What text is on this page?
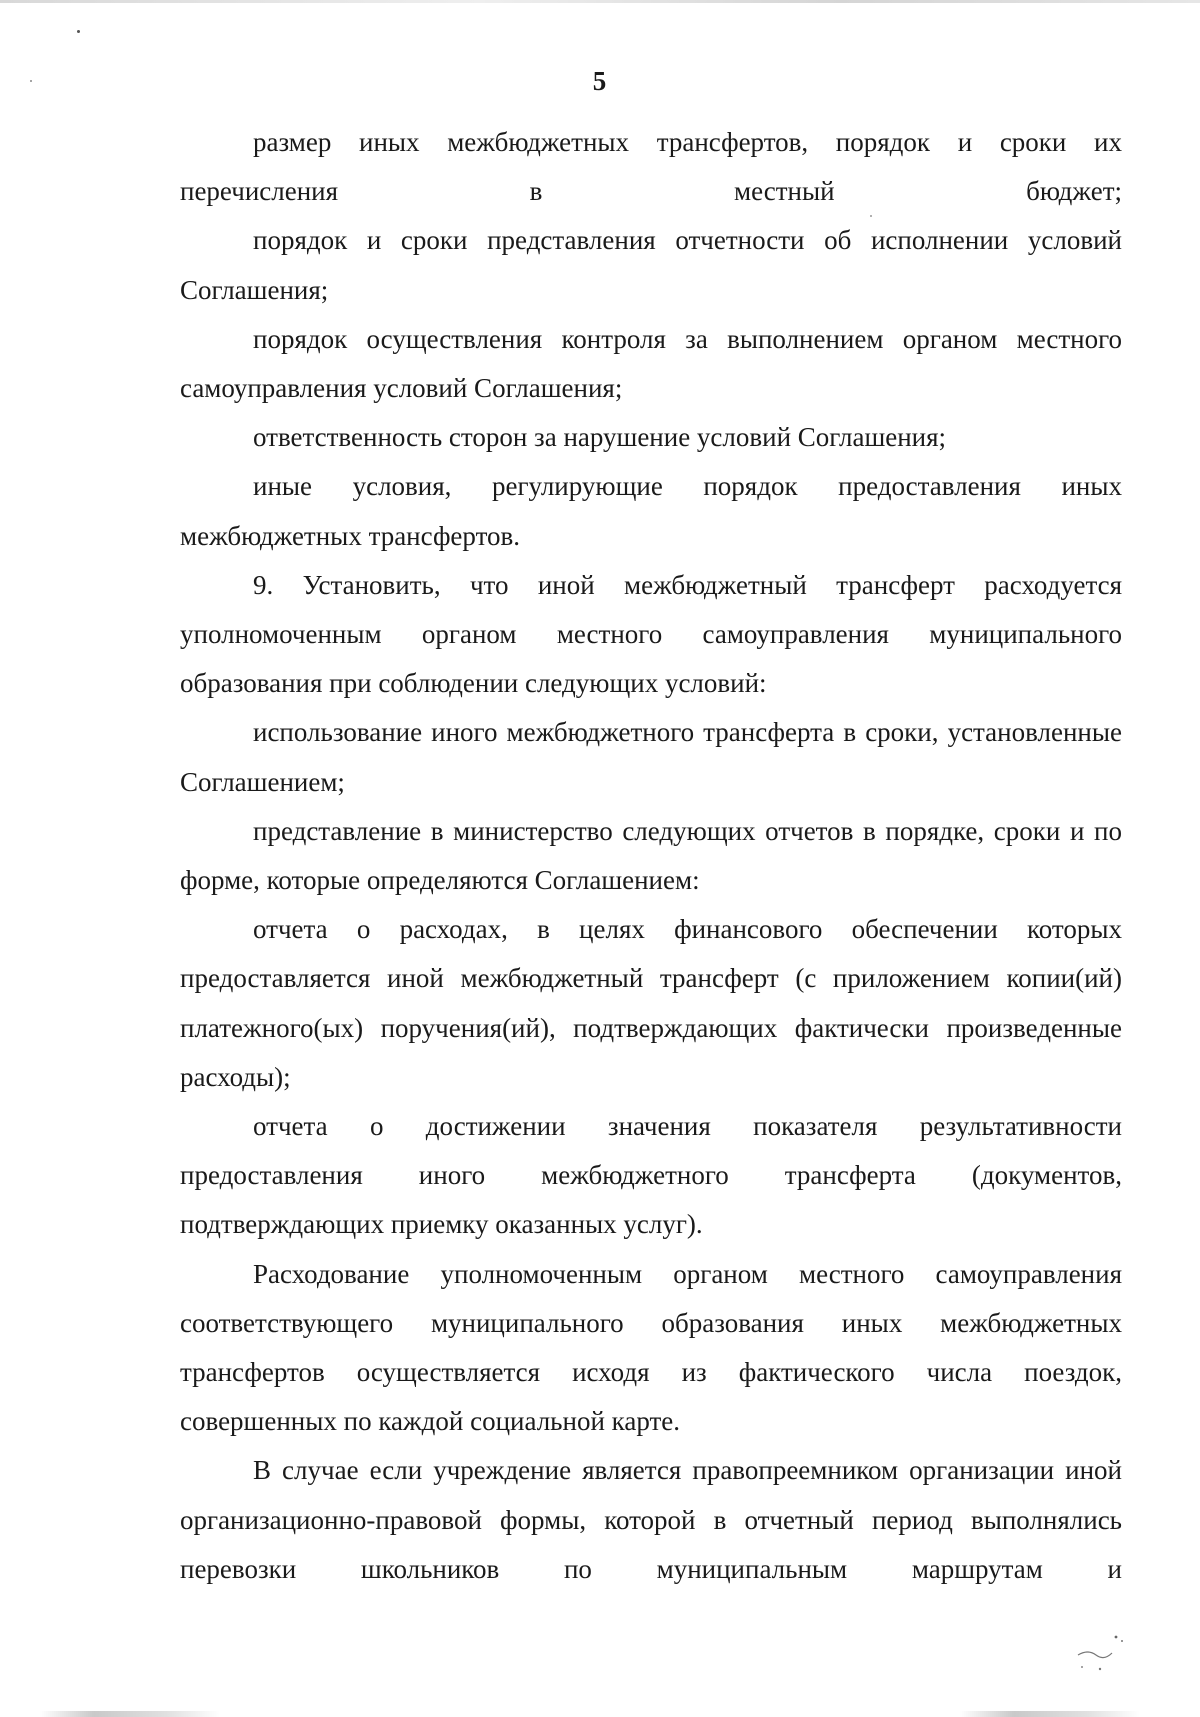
5

размер иных межбюджетных трансфертов, порядок и сроки их перечисления в местный бюджет;

порядок и сроки представления отчетности об исполнении условий Соглашения;

порядок осуществления контроля за выполнением органом местного самоуправления условий Соглашения;

ответственность сторон за нарушение условий Соглашения;

иные условия, регулирующие порядок предоставления иных межбюджетных трансфертов.

9. Установить, что иной межбюджетный трансферт расходуется уполномоченным органом местного самоуправления муниципального образования при соблюдении следующих условий:

использование иного межбюджетного трансферта в сроки, установленные Соглашением;

представление в министерство следующих отчетов в порядке, сроки и по форме, которые определяются Соглашением:

отчета о расходах, в целях финансового обеспечении которых предоставляется иной межбюджетный трансферт (с приложением копии(ий) платежного(ых) поручения(ий), подтверждающих фактически произведенные расходы);

отчета о достижении значения показателя результативности предоставления иного межбюджетного трансферта (документов, подтверждающих приемку оказанных услуг).

Расходование уполномоченным органом местного самоуправления соответствующего муниципального образования иных межбюджетных трансфертов осуществляется исходя из фактического числа поездок, совершенных по каждой социальной карте.

В случае если учреждение является правопреемником организации иной организационно-правовой формы, которой в отчетный период выполнялись перевозки школьников по муниципальным маршрутам и
